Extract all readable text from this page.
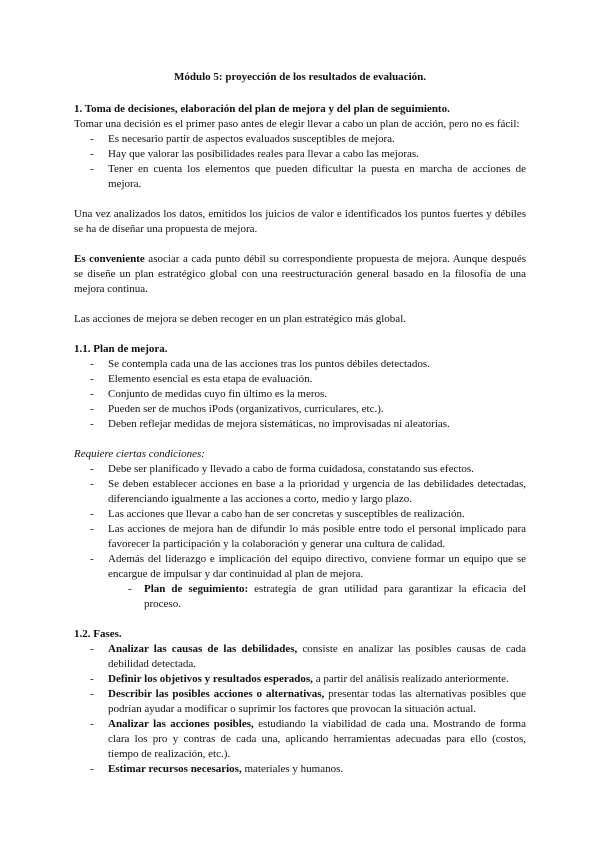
Módulo 5: proyección de los resultados de evaluación.

1. Toma de decisiones, elaboración del plan de mejora y del plan de seguimiento.

Tomar una decisión es el primer paso antes de elegir llevar a cabo un plan de acción, pero no es fácil:

- Es necesario partir de aspectos evaluados susceptibles de mejora.
- Hay que valorar las posibilidades reales para llevar a cabo las mejoras.
- Tener en cuenta los elementos que pueden dificultar la puesta en marcha de acciones de mejora.

Una vez analizados los datos, emitidos los juicios de valor e identificados los puntos fuertes y débiles se ha de diseñar una propuesta de mejora.

Es conveniente asociar a cada punto débil su correspondiente propuesta de mejora. Aunque después se diseñe un plan estratégico global con una reestructuración general basado en la filosofía de una mejora continua.

Las acciones de mejora se deben recoger en un plan estratégico más global.

1.1. Plan de mejora.
- Se contempla cada una de las acciones tras los puntos débiles detectados.
- Elemento esencial es esta etapa de evaluación.
- Conjunto de medidas cuyo fin último es la meros.
- Pueden ser de muchos iPods (organizativos, curriculares, etc.).
- Deben reflejar medidas de mejora sistemáticas, no improvisadas ni aleatorias.

Requiere ciertas condiciones:

- Debe ser planificado y llevado a cabo de forma cuidadosa, constatando sus efectos.
- Se deben establecer acciones en base a la prioridad y urgencia de las debilidades detectadas, diferenciando igualmente a las acciones a corto, medio y largo plazo.
- Las acciones que llevar a cabo han de ser concretas y susceptibles de realización.
- Las acciones de mejora han de difundir lo más posible entre todo el personal implicado para favorecer la participación y la colaboración y generar una cultura de calidad.
- Además del liderazgo e implicación del equipo directivo, conviene formar un equipo que se encargue de impulsar y dar continuidad al plan de mejora.
- Plan de seguimiento: estrategia de gran utilidad para garantizar la eficacia del proceso.
1.2. Fases.
- Analizar las causas de las debilidades, consiste en analizar las posibles causas de cada debilidad detectada.
- Definir los objetivos y resultados esperados, a partir del análisis realizado anteriormente.
- Describir las posibles acciones o alternativas, presentar todas las alternativas posibles que podrían ayudar a modificar o suprimir los factores que provocan la situación actual.
- Analizar las acciones posibles, estudiando la viabilidad de cada una. Mostrando de forma clara los pro y contras de cada una, aplicando herramientas adecuadas para ello (costos, tiempo de realización, etc.).
- Estimar recursos necesarios, materiales y humanos.
